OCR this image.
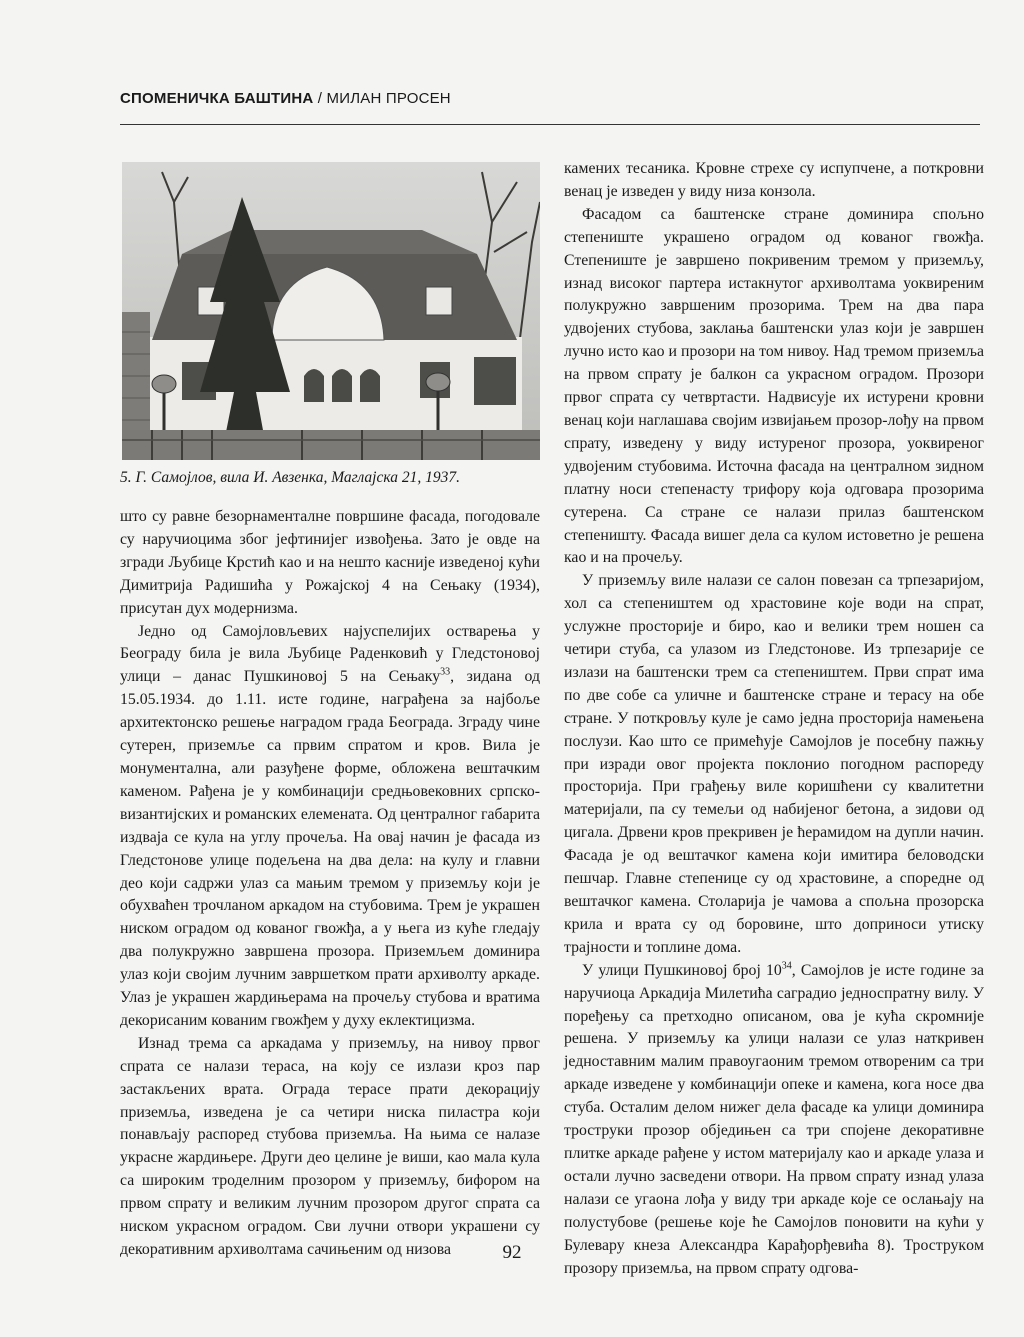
СПОМЕНИЧКА БАШТИНА / МИЛАН ПРОСЕН
5. Г. Самојлов, вила И. Авзенка, Маглајска 21, 1937.

што су равне безорнаменталне површине фасада, погодовале су наручиоцима због јефтинијег извођења. Зато је овде на згради Љубице Крстић као и на нешто каснијe изведеној кући Димитрија Радишића у Рожајској 4 на Сењаку (1934), присутан дух модернизма.

Једно од Самојловљевих најуспелијих остварења у Београду била је вила Љубице Раденковић у Гледстоновој улици – данас Пушкиновој 5 на Сењаку$^{33}$, зидана од 15.05.1934. до 1.11. исте године, награђена за најбоље архитектонско решење наградом града Београда. Зграду чине сутерен, приземље са првим спратом и кров. Вила је монументална, али разуђене форме, обложена вештачким каменом. Рађена је у комбинацији средњовековних српско-византијских и романских елемената. Од централног габарита издваја се кула на углу прочеља. На овај начин је фасада из Гледстонове улице подељена на два дела: на кулу и главни део који садржи улаз са мањим тремом у приземљу који је обухваћен трочланом аркадом на стубовима. Трем је украшен ниском оградом од кованог гвожђа, а у њега из куће гледају два полукружно завршена прозора. Приземљем доминира улаз који својим лучним завршетком прати архиволту аркаде. Улаз је украшен жардињерама на прочељу стубова и вратима декорисаним кованим гвожђем у духу еклектицизма.

Изнад трема са аркадама у приземљу, на нивоу првог спрата се налази тераса, на коју се излази кроз пар застакљених врата. Ограда терасе прати декорацију приземља, изведена је са четири ниска пиластра који понављају распоред стубова приземља. На њима се налазе украсне жардињере. Други део целине је виши, као мала кула са широким троделним прозором у приземљу, бифором на првом спрату и великим лучним прозором другог спрата са ниском украсном оградом. Сви лучни отвори украшени су декоративним архиволтама сачињеним од низова

камених тесаника. Кровне стрехе су испупчене, а поткровни венац је изведен у виду низа конзола.

Фасадом са баштенске стране доминира спољно степениште украшено оградом од кованог гвожђа. Степениште је завршено покривеним тремом у приземљу, изнад високог партера истакнутог архиволтама уоквиреним полукружно завршеним прозорима. Трем на два пара удвојених стубова, заклања баштенски улаз који је завршен лучно исто као и прозори на том нивоу. Над тремом приземља на првом спрату је балкон са украсном оградом. Прозори првог спрата су четвртасти. Надвисује их истурени кровни венац који наглашава својим извијањем прозор-лођу на првом спрату, изведену у виду истуреног прозора, уоквиреног удвојеним стубовима. Источна фасада на централном зидном платну носи степенасту трифору која одговара прозорима сутерена. Са стране се налази прилаз баштенском степеништу. Фасада вишег дела са кулом истоветно је решена као и на прочељу.

У приземљу виле налази се салон повезан са трпезаријом, хол са степеништем од храстовине које води на спрат, услужне просторије и биро, као и велики трем ношен са четири стуба, са улазом из Гледстонове. Из трпезарије се излази на баштенски трем са степеништем. Први спрат има по две собе са уличне и баштенске стране и терасу на обе стране. У поткровљу куле је само једна просторија намењена послузи. Као што се примећује Самојлов је посебну пажњу при изради овог пројекта поклонио погодном распореду просторија. При грађењу виле коришћени су квалитетни материјали, па су темељи од набијеног бетона, а зидови од цигала. Дрвени кров прекривен је ћерамидом на дупли начин. Фасада је од вештачког камена који имитира беловодски пешчар. Главне степенице су од храстовине, а споредне од вештачког камена. Столарија је чамова а спољна прозорска крила и врата су од боровине, што доприноси утиску трајности и топлине дома.

У улици Пушкиновој број $10^{34}$, Самојлов је исте године за наручиоца Аркадија Милетића саградио једноспратну вилу. У поређењу са претходно описаном, ова је кућа скромније решена. У приземљу ка улици налази се улаз наткривен једноставним малим правоугаоним тремом отвореним са три аркаде изведене у комбинацији опеке и камена, кога носе два стуба. Осталим делом нижег дела фасаде ка улици доминира троструки прозор обједињен са три спојене декоративне плитке аркаде рађене у истом материјалу као и аркаде улаза и остали лучно засведени отвори. На првом спрату изнад улаза налази се угаона лођа у виду три аркаде које се ослањају на полустубове (решење које ће Самојлов поновити на кући у Булевару кнеза Александра Карађорђевића 8). Трострукoм прозору приземља, на првом спрату одгова-

92
